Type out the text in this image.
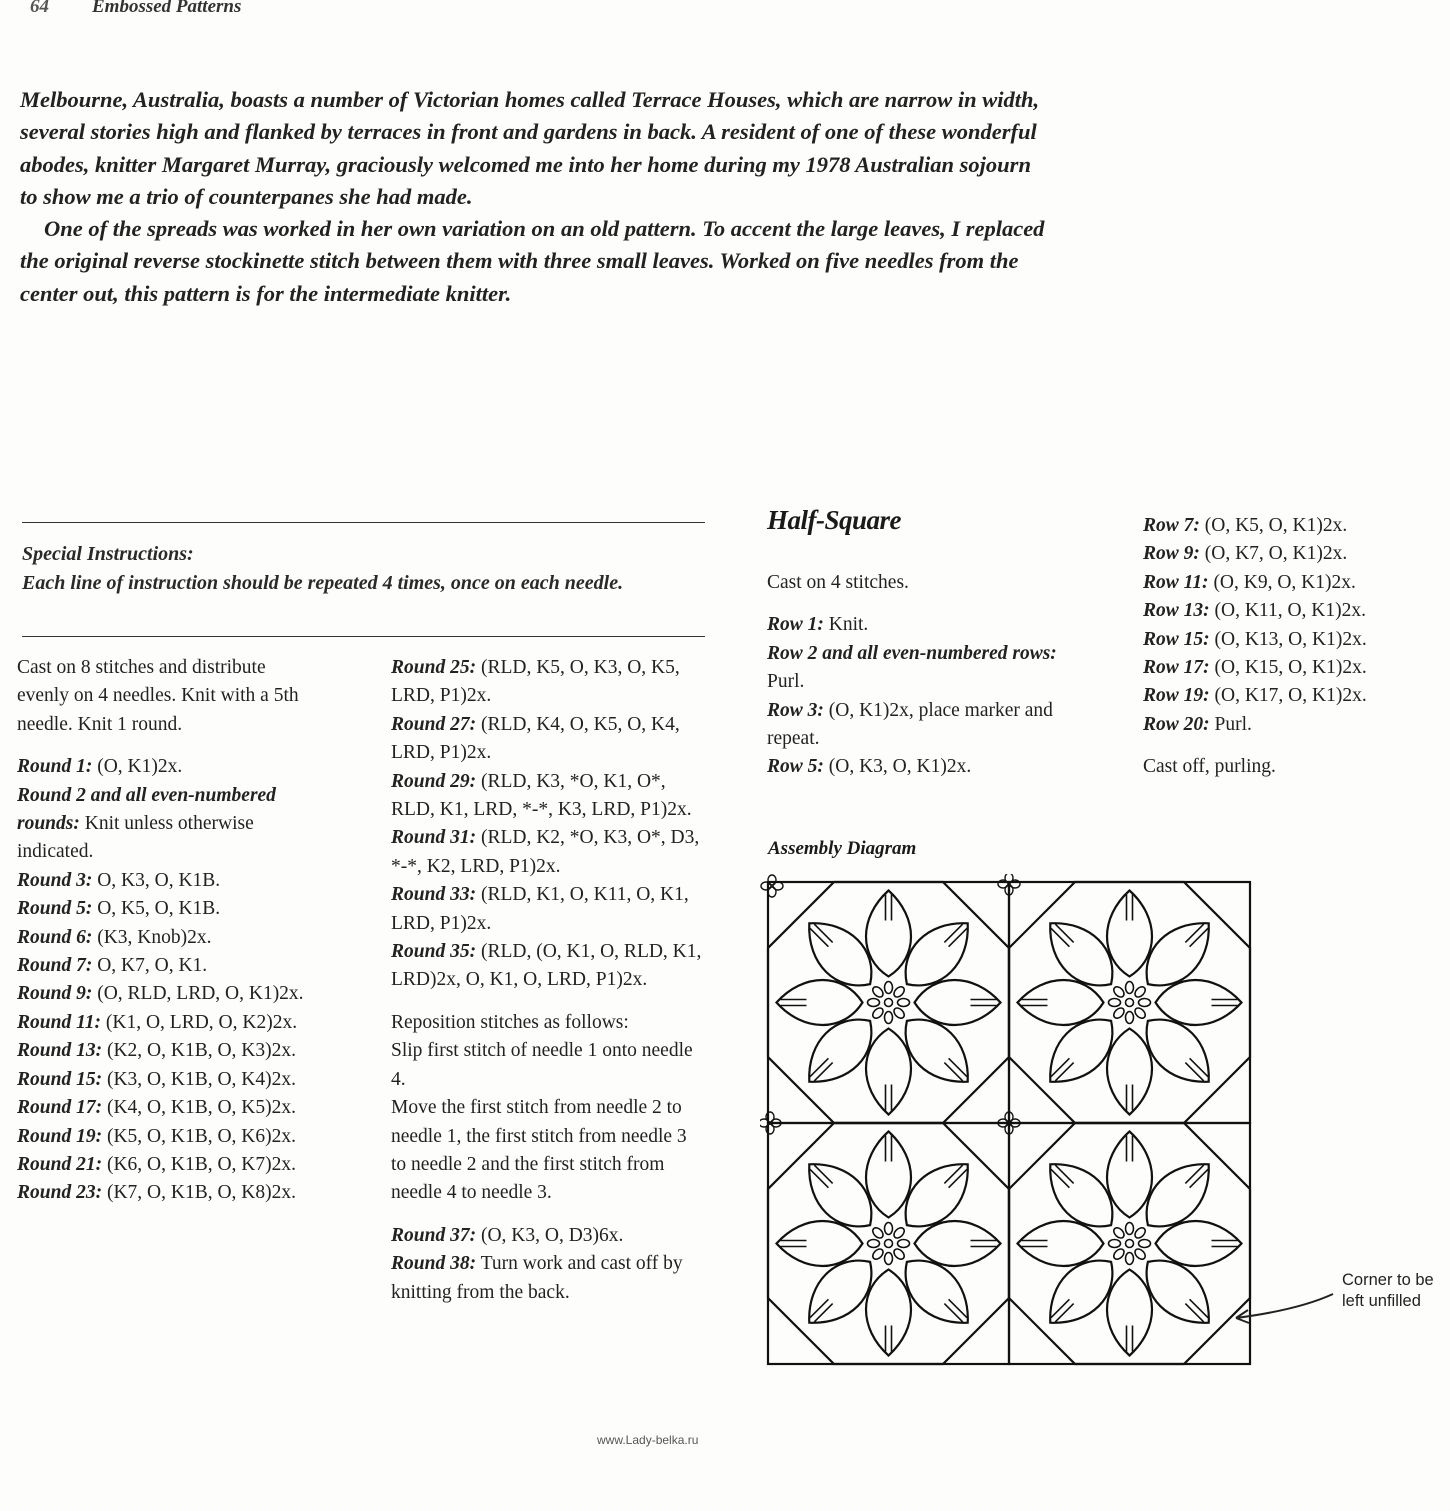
64 Embossed Patterns

Melbourne, Australia, boasts a number of Victorian homes called Terrace Houses, which are narrow in width, several stories high and flanked by terraces in front and gardens in back. A resident of one of these wonderful abodes, knitter Margaret Murray, graciously welcomed me into her home during my 1978 Australian sojourn to show me a trio of counterpanes she had made.

One of the spreads was worked in her own variation on an old pattern. To accent the large leaves, I replaced the original reverse stockinette stitch between them with three small leaves. Worked on five needles from the center out, this pattern is for the intermediate knitter.

Special Instructions:
Each line of instruction should be repeated 4 times, once on each needle.

Cast on 8 stitches and distribute evenly on 4 needles. Knit with a 5th needle. Knit 1 round.

Round 1: (O, K1)2x.

Round 2 and all even-numbered rounds: Knit unless otherwise indicated.

Round 3: O, K3, O, K1B.

Round 5: O, K5, O, K1B.

Round 6: (K3, Knob)2x.

Round 7: O, K7, O, K1.

Round 9: (O, RLD, LRD, O, K1)2x.

Round 11: (K1, O, LRD, O, K2)2x.

Round 13: (K2, O, K1B, O, K3)2x.

Round 15: (K3, O, K1B, O, K4)2x.

Round 17: (K4, O, K1B, O, K5)2x.

Round 19: (K5, O, K1B, O, K6)2x.

Round 21: (K6, O, K1B, O, K7)2x.

Round 23: (K7, O, K1B, O, K8)2x.

Round 25: (RLD, K5, O, K3, O, K5, LRD, P1)2x.

Round 27: (RLD, K4, O, K5, O, K4, LRD, P1)2x.

Round 29: (RLD, K3, *O, K1, O*, RLD, K1, LRD, *-*, K3, LRD, P1)2x.

Round 31: (RLD, K2, *O, K3, O*, D3, *-*, K2, LRD, P1)2x.

Round 33: (RLD, K1, O, K11, O, K1, LRD, P1)2x.

Round 35: (RLD, (O, K1, O, RLD, K1, LRD)2x, O, K1, O, LRD, P1)2x.

Reposition stitches as follows:

Slip first stitch of needle 1 onto needle 4.

Move the first stitch from needle 2 to needle 1, the first stitch from needle 3 to needle 2 and the first stitch from needle 4 to needle 3.

Round 37: (O, K3, O, D3)6x.

Round 38: Turn work and cast off by knitting from the back.

Half-Square

Cast on 4 stitches.

Row 1: Knit.

Row 2 and all even-numbered rows: Purl.

Row 3: (O, K1)2x, place marker and repeat.

Row 5: (O, K3, O, K1)2x.

Row 7: (O, K5, O, K1)2x.

Row 9: (O, K7, O, K1)2x.

Row 11: (O, K9, O, K1)2x.

Row 13: (O, K11, O, K1)2x.

Row 15: (O, K13, O, K1)2x.

Row 17: (O, K15, O, K1)2x.

Row 19: (O, K17, O, K1)2x.

Row 20: Purl.

Cast off, purling.

Assembly Diagram
Corner to be
left unfilled
www.Lady-belka.ru
